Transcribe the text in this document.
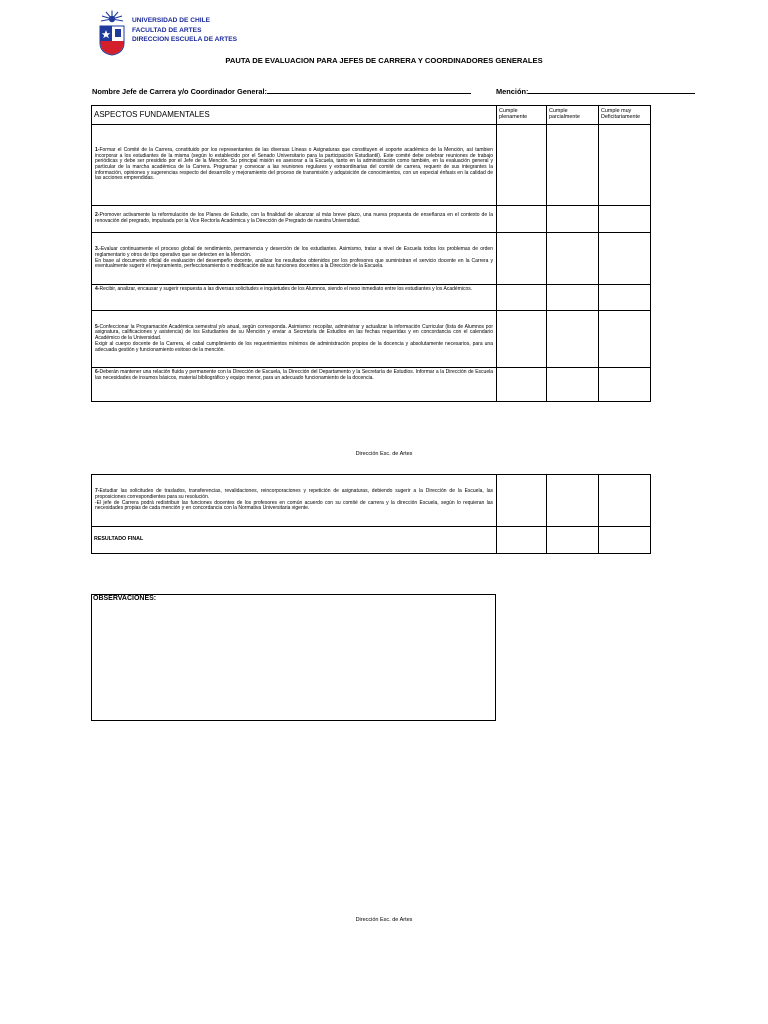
UNIVERSIDAD DE CHILE
FACULTAD DE ARTES
DIRECCION ESCUELA DE ARTES
PAUTA DE EVALUACION PARA JEFES DE CARRERA Y COORDINADORES GENERALES
Nombre Jefe de Carrera y/o Coordinador General:	Mención:
ASPECTOS FUNDAMENTALES	Cumple plenamente	Cumple parcialmente	Cumple muy Deficitariamente
1-Formar el Comité de la Carrera, constituido por los representantes de las diversas Líneas o Asignaturas que constituyen el soporte académico de la Mención, así tambien incorporar a los estudiantes de la misma (según lo establecido por el Senado Universitario para la participación Estudiantil). Este comité debe celebrar reuniones de trabajo periódicas y debe ser presidido por el Jefe de la Mención. Su principal misión es asesorar a la Escuela, tanto en la administración como también, en la evaluación general y particular de la marcha académica de la Carrera. Programar y convocar a las reuniones regulares y extraordinarias del comité de carrera, requerir de sus integrantes la información, opiniones y sugerencias respecto del desarrollo y mejoramiento del proceso de transmisión y adquisición de conocimientos, con un especial énfasis en la calidad de las acciones emprendidas.			
2-Promover activamente la reformulación de los Planes de Estudio, con la finalidad de alcanzar al más breve plazo, una nueva propuesta de enseñanza en el contexto de la renovación del pregrado, impulsada por la Vice Rectoría Académica y la Dirección de Pregrado de nuestra Universidad.			
3.-Evaluar continuamente el proceso global de rendimiento, permanencia y deserción de los estudiantes. Asimismo, tratar a nivel de Escuela todos los problemas de orden reglamentario y otros de tipo operativo que se detecten en la Mención.
En base al documento oficial de evaluación del desempeño docente, analizar los resultados obtenidos por los profesores que suministran el servicio docente en la Carrera y eventualmente sugerir el mejoramiento, perfeccionamiento o modificación de sus funciones docentes a la Dirección de la Escuela.			
4-Recibir, analizar, encausar y sugerir respuesta a las diversas solicitudes e inquietudes de los Alumnos, siendo el nexo inmediato entre los estudiantes y los Académicos.			
5-Confeccionar la Programación Académica semestral y/o anual, según corresponda. Asimismo: recopilar, administrar y actualizar la información Curricular (lista de Alumnos por asignatura, calificaciones y asistencia) de los Estudiantes de su Mención y enviar a Secretaría de Estudios en las fechas requeridas y en concordancia con el calendario Académico de la Universidad.
Exigir al cuerpo docente de la Carrera, el cabal cumplimiento de los requerimientos mínimos de administración propios de la docencia y absolutamente necesarios, para una adecuada gestión y funcionamiento exitoso de la mención.			
6-Deberán mantener una relación fluida y permanente con la Dirección de Escuela, la Dirección del Departamento y la Secretaría de Estudios. Informar a la Dirección de Escuela las necesidades de insumos básicos, material bibliográfico y equipo menor, para un adecuado funcionamiento de la docencia.			
Dirección Esc. de Artes
7-Estudiar las solicitudes de traslados, transferencias, revalidaciones, reincorporaciones y repetición de asignaturas, debiendo sugerir a la Dirección de la Escuela, las proposiciones correspondientes para su resolución.
-El jefe de Carrera podrá redistribuir las funciones docentes de los profesores en común acuerdo con su comité de carrera y la dirección Escuela, según lo requieran las necesidades propias de cada mención y en concordancia con la Normativa Universitaria vigente.			
RESULTADO FINAL			
OBSERVACIONES:
Dirección Esc. de Artes
